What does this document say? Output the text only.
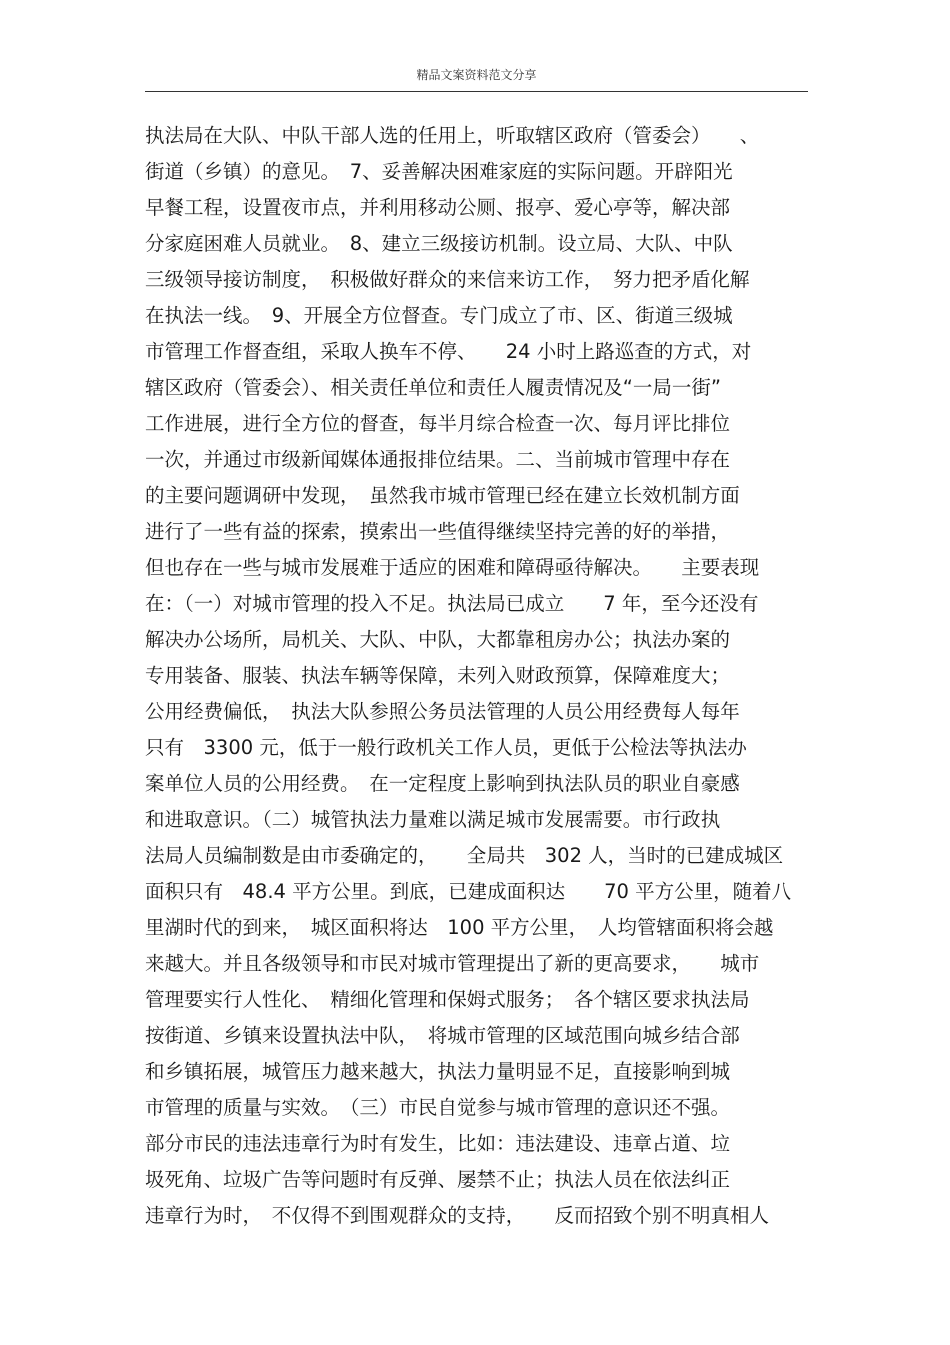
精品文案资料范文分享
执法局在大队、中队干部人选的任用上，听取辖区政府（管委会）　　、
街道（乡镇）的意见。　7、妥善解决困难家庭的实际问题。开辟阳光
早餐工程，设置夜市点，并利用移动公厕、报亭、爱心亭等，解决部
分家庭困难人员就业。　8、建立三级接访机制。设立局、大队、中队
三级领导接访制度，　积极做好群众的来信来访工作，　努力把矛盾化解
在执法一线。　9、开展全方位督查。专门成立了市、区、街道三级城
市管理工作督查组，采取人换车不停、　　24 小时上路巡查的方式，对
辖区政府（管委会）、相关责任单位和责任人履责情况及“一局一街”
工作进展，进行全方位的督查，每半月综合检查一次、每月评比排位
一次，并通过市级新闻媒体通报排位结果。二、当前城市管理中存在
的主要问题调研中发现，　虽然我市城市管理已经在建立长效机制方面
进行了一些有益的探索，摸索出一些值得继续坚持完善的好的举措，
但也存在一些与城市发展难于适应的困难和障碍亟待解决。　　主要表现
在：（一）对城市管理的投入不足。执法局已成立　　7 年，至今还没有
解决办公场所，局机关、大队、中队，大都靠租房办公；执法办案的
专用装备、服装、执法车辆等保障，未列入财政预算，保障难度大；
公用经费偏低，　执法大队参照公务员法管理的人员公用经费每人每年
只有　3300 元，低于一般行政机关工作人员，更低于公检法等执法办
案单位人员的公用经费。　在一定程度上影响到执法队员的职业自豪感
和进取意识。（二）城管执法力量难以满足城市发展需要。市行政执
法局人员编制数是由市委确定的，　　全局共　302 人，当时的已建成城区
面积只有　48.4 平方公里。到底，已建成面积达　　70 平方公里，随着八
里湖时代的到来，　城区面积将达　100 平方公里，　人均管辖面积将会越
来越大。并且各级领导和市民对城市管理提出了新的更高要求，　　城市
管理要实行人性化、　精细化管理和保姆式服务；　各个辖区要求执法局
按街道、乡镇来设置执法中队，　将城市管理的区域范围向城乡结合部
和乡镇拓展，城管压力越来越大，执法力量明显不足，直接影响到城
市管理的质量与实效。　（三）市民自觉参与城市管理的意识还不强。
部分市民的违法违章行为时有发生，比如：违法建设、违章占道、垃
圾死角、垃圾广告等问题时有反弹、屡禁不止；执法人员在依法纠正
违章行为时，　不仅得不到围观群众的支持，　　反而招致个别不明真相人
